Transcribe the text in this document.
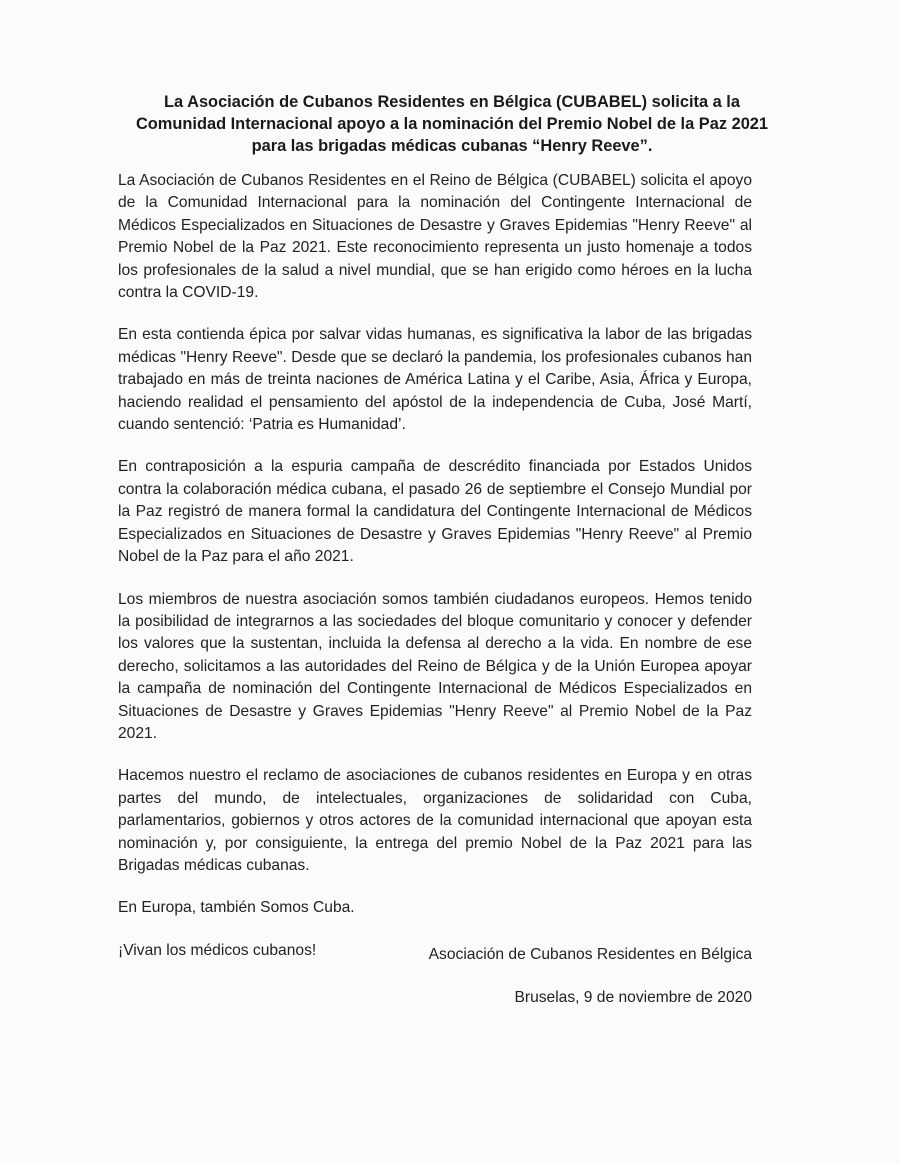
La Asociación de Cubanos Residentes en Bélgica (CUBABEL) solicita a la Comunidad Internacional apoyo a la nominación del Premio Nobel de la Paz 2021 para las brigadas médicas cubanas “Henry Reeve”.

La Asociación de Cubanos Residentes en el Reino de Bélgica (CUBABEL) solicita el apoyo de la Comunidad Internacional para la nominación del Contingente Internacional de Médicos Especializados en Situaciones de Desastre y Graves Epidemias "Henry Reeve" al Premio Nobel de la Paz 2021. Este reconocimiento representa un justo homenaje a todos los profesionales de la salud a nivel mundial, que se han erigido como héroes en la lucha contra la COVID-19.

En esta contienda épica por salvar vidas humanas, es significativa la labor de las brigadas médicas "Henry Reeve". Desde que se declaró la pandemia, los profesionales cubanos han trabajado en más de treinta naciones de América Latina y el Caribe, Asia, África y Europa, haciendo realidad el pensamiento del apóstol de la independencia de Cuba, José Martí, cuando sentenció: ‘Patria es Humanidad’.

En contraposición a la espuria campaña de descrédito financiada por Estados Unidos contra la colaboración médica cubana, el pasado 26 de septiembre el Consejo Mundial por la Paz registró de manera formal la candidatura del Contingente Internacional de Médicos Especializados en Situaciones de Desastre y Graves Epidemias "Henry Reeve" al Premio Nobel de la Paz para el año 2021.

Los miembros de nuestra asociación somos también ciudadanos europeos. Hemos tenido la posibilidad de integrarnos a las sociedades del bloque comunitario y conocer y defender los valores que la sustentan, incluida la defensa al derecho a la vida. En nombre de ese derecho, solicitamos a las autoridades del Reino de Bélgica y de la Unión Europea apoyar la campaña de nominación del Contingente Internacional de Médicos Especializados en Situaciones de Desastre y Graves Epidemias "Henry Reeve" al Premio Nobel de la Paz 2021.

Hacemos nuestro el reclamo de asociaciones de cubanos residentes en Europa y en otras partes del mundo, de intelectuales, organizaciones de solidaridad con Cuba, parlamentarios, gobiernos y otros actores de la comunidad internacional que apoyan esta nominación y, por consiguiente, la entrega del premio Nobel de la Paz 2021 para las Brigadas médicas cubanas.

En Europa, también Somos Cuba.

¡Vivan los médicos cubanos!	Asociación de Cubanos Residentes en Bélgica
Bruselas, 9 de noviembre de 2020
